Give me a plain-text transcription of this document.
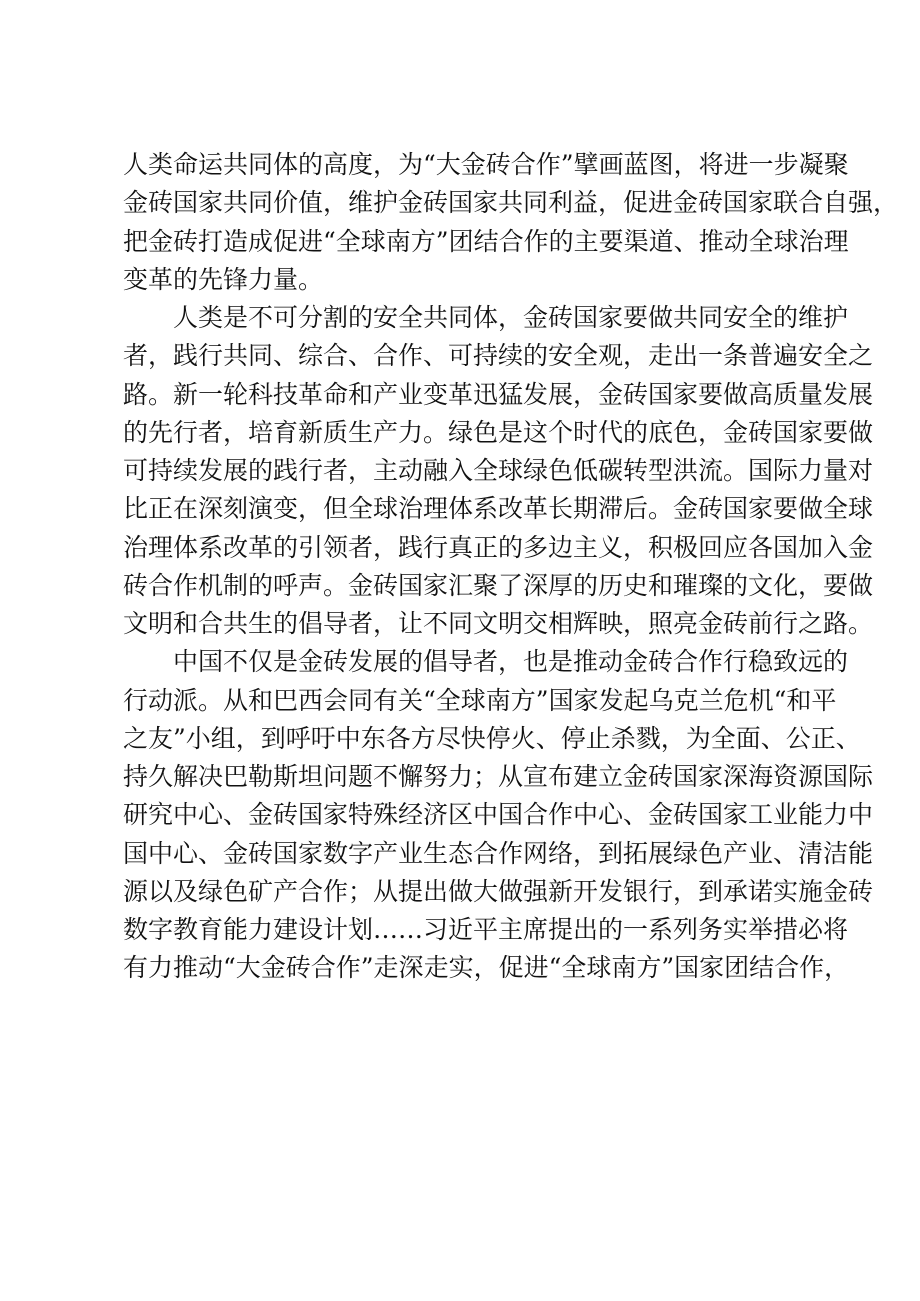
人类命运共同体的高度，为“大金砖合作”擘画蓝图，将进一步凝聚
金砖国家共同价值，维护金砖国家共同利益，促进金砖国家联合自强，
把金砖打造成促进“全球南方”团结合作的主要渠道、推动全球治理
变革的先锋力量。
人类是不可分割的安全共同体，金砖国家要做共同安全的维护
者，践行共同、综合、合作、可持续的安全观，走出一条普遍安全之
路。新一轮科技革命和产业变革迅猛发展，金砖国家要做高质量发展
的先行者，培育新质生产力。绿色是这个时代的底色，金砖国家要做
可持续发展的践行者，主动融入全球绿色低碳转型洪流。国际力量对
比正在深刻演变，但全球治理体系改革长期滞后。金砖国家要做全球
治理体系改革的引领者，践行真正的多边主义，积极回应各国加入金
砖合作机制的呼声。金砖国家汇聚了深厚的历史和璀璨的文化，要做
文明和合共生的倡导者，让不同文明交相辉映，照亮金砖前行之路。
中国不仅是金砖发展的倡导者，也是推动金砖合作行稳致远的
行动派。从和巴西会同有关“全球南方”国家发起乌克兰危机“和平
之友”小组，到呼吁中东各方尽快停火、停止杀戮，为全面、公正、
持久解决巴勒斯坦问题不懈努力；从宣布建立金砖国家深海资源国际
研究中心、金砖国家特殊经济区中国合作中心、金砖国家工业能力中
国中心、金砖国家数字产业生态合作网络，到拓展绿色产业、清洁能
源以及绿色矿产合作；从提出做大做强新开发银行，到承诺实施金砖
数字教育能力建设计划……习近平主席提出的一系列务实举措必将
有力推动“大金砖合作”走深走实，促进“全球南方”国家团结合作，
